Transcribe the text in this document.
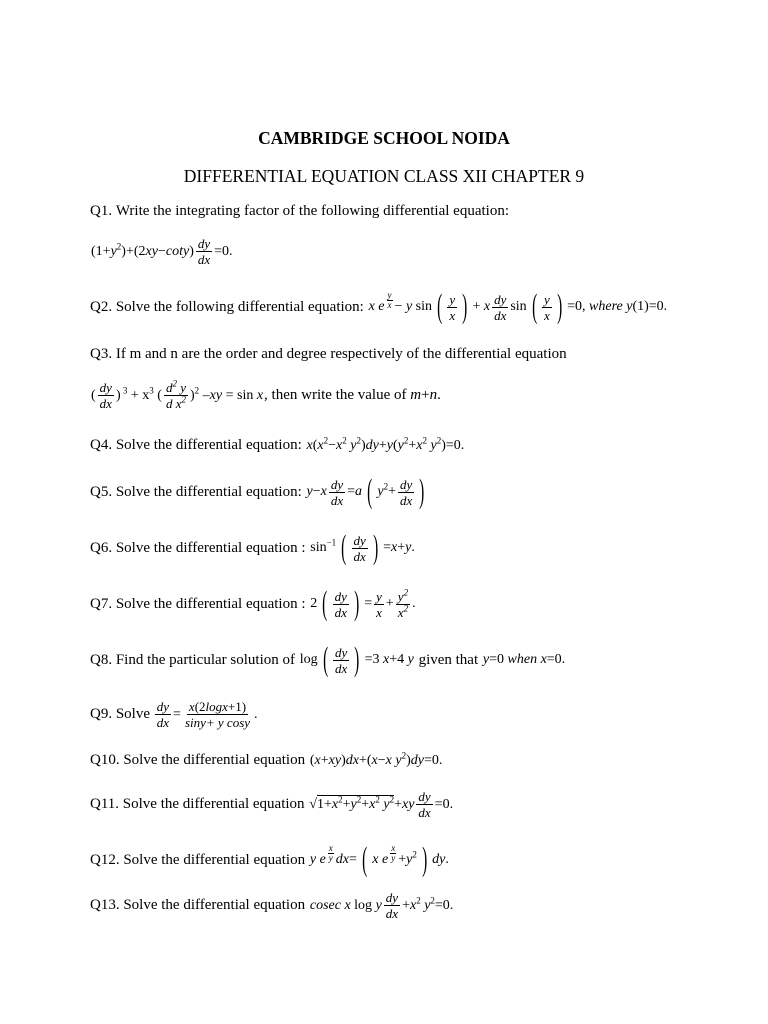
CAMBRIDGE SCHOOL NOIDA
DIFFERENTIAL EQUATION CLASS XII CHAPTER 9
Q1.
Write the integrating factor of the following differential equation:
$(1+y^2)+(2xy-\cot y) \frac{dy}{dx} =0$.
Q2.
Solve the following differential equation:
x e $\frac{y}{x} - y$ sin ( $\frac{y}{x}$ ) + x $\frac{dy}{dx}$ sin ( $\frac{y}{x}$ ) =0, where y(1)=0.
Q3.
If m and n are the order and degree respectively of the differential equation
( $\frac{dy}{dx}$ ) $^3 + x^3$ ( $\frac{d^2 y}{d x^2} )^2$ –xy = sin x , then write the value of
m + n .
Q4.
Solve the differential equation:
$x(x^2-x^2$ $y^2)dy+y(y^2+x^2$ $y^2)=0$.
Q5.
Solve the differential equation:
$y-x \frac{dy}{dx} =a$ ( $y^2+ \frac{dy}{dx}$ )
Q6.
Solve the differential equation :
$\sin^{-1}$ ( $\frac{dy}{dx}$ ) =x+y.
Q7.
Solve the differential equation :
2 ( $\frac{dy}{dx}$ ) = $\frac{y}{x} + \frac{y^2}{x^2}$ .
Q8.
Find the particular solution of
log ( $\frac{dy}{dx}$ ) =3 x+4 y
given that
y=0 when x=0.
Q9.
Solve
$\frac{dy}{dx} = \frac{x(2\log x+1)}{\text{siny+ y cosy}}$ .
Q10.
Solve the differential equation
(x+xy)dx+(x−x $y^2)dy=0$.
Q11.
Solve the differential equation
$√1+x^2+y^2+x^2$ $y^2+xy \frac{dy}{dx} =0$.
Q12.
Solve the differential equation
y e $\frac{x}{y} dx=$ ( x e $\frac{x}{y} +y^2$ ) dy.
Q13.
Solve the differential equation
cosec x log y $\frac{dy}{dx} +x^2$ $y^2=0$.
